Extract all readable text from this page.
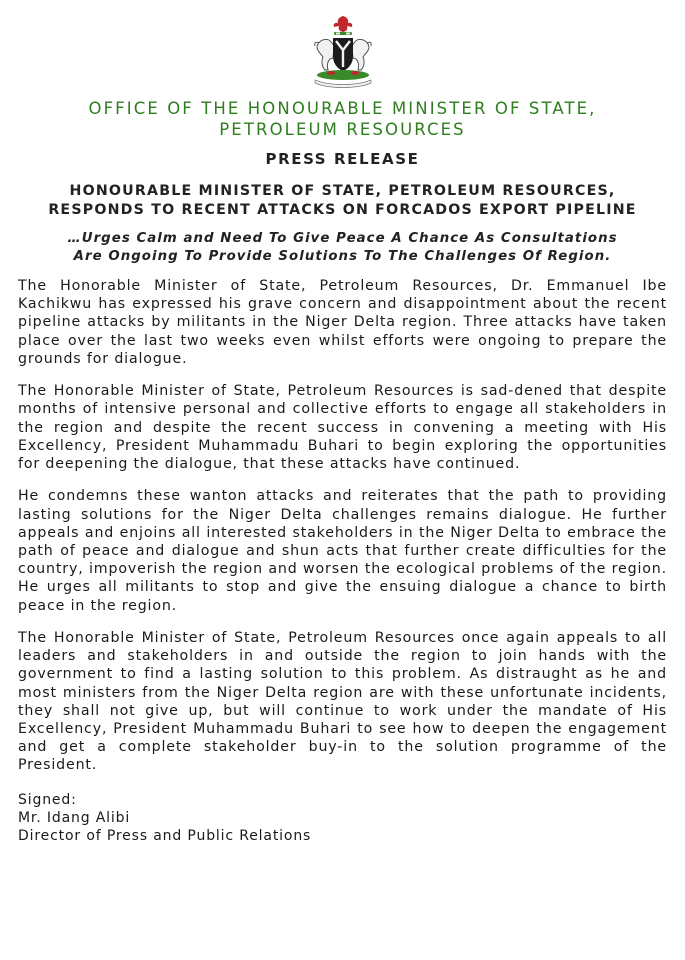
OFFICE OF THE HONOURABLE MINISTER OF STATE,
PETROLEUM RESOURCES
PRESS RELEASE
HONOURABLE MINISTER OF STATE, PETROLEUM RESOURCES,
RESPONDS TO RECENT ATTACKS ON FORCADOS EXPORT PIPELINE
…Urges Calm and Need To Give Peace A Chance As Consultations
Are Ongoing To Provide Solutions To The Challenges Of Region.

The Honorable Minister of State, Petroleum Resources, Dr. Emmanuel Ibe Kachikwu has expressed his grave concern and disappointment about the recent pipeline attacks by militants in the Niger Delta region. Three attacks have taken place over the last two weeks even whilst efforts were ongoing to prepare the grounds for dialogue.

The Honorable Minister of State, Petroleum Resources is sad-dened that despite months of intensive personal and collective efforts to engage all stakeholders in the region and despite the recent success in convening a meeting with His Excellency, President Muhammadu Buhari to begin exploring the opportunities for deepening the dialogue, that these attacks have continued.

He condemns these wanton attacks and reiterates that the path to providing lasting solutions for the Niger Delta challenges remains dialogue. He further appeals and enjoins all interested stakeholders in the Niger Delta to embrace the path of peace and dialogue and shun acts that further create difficulties for the country, impoverish the region and worsen the ecological problems of the region. He urges all militants to stop and give the ensuing dialogue a chance to birth peace in the region.

The Honorable Minister of State, Petroleum Resources once again appeals to all leaders and stakeholders in and outside the region to join hands with the government to find a lasting solution to this problem. As distraught as he and most ministers from the Niger Delta region are with these unfortunate incidents, they shall not give up, but will continue to work under the mandate of His Excellency, President Muhammadu Buhari to see how to deepen the engagement and get a complete stakeholder buy-in to the solution programme of the President.

Signed:
Mr. Idang Alibi
Director of Press and Public Relations
